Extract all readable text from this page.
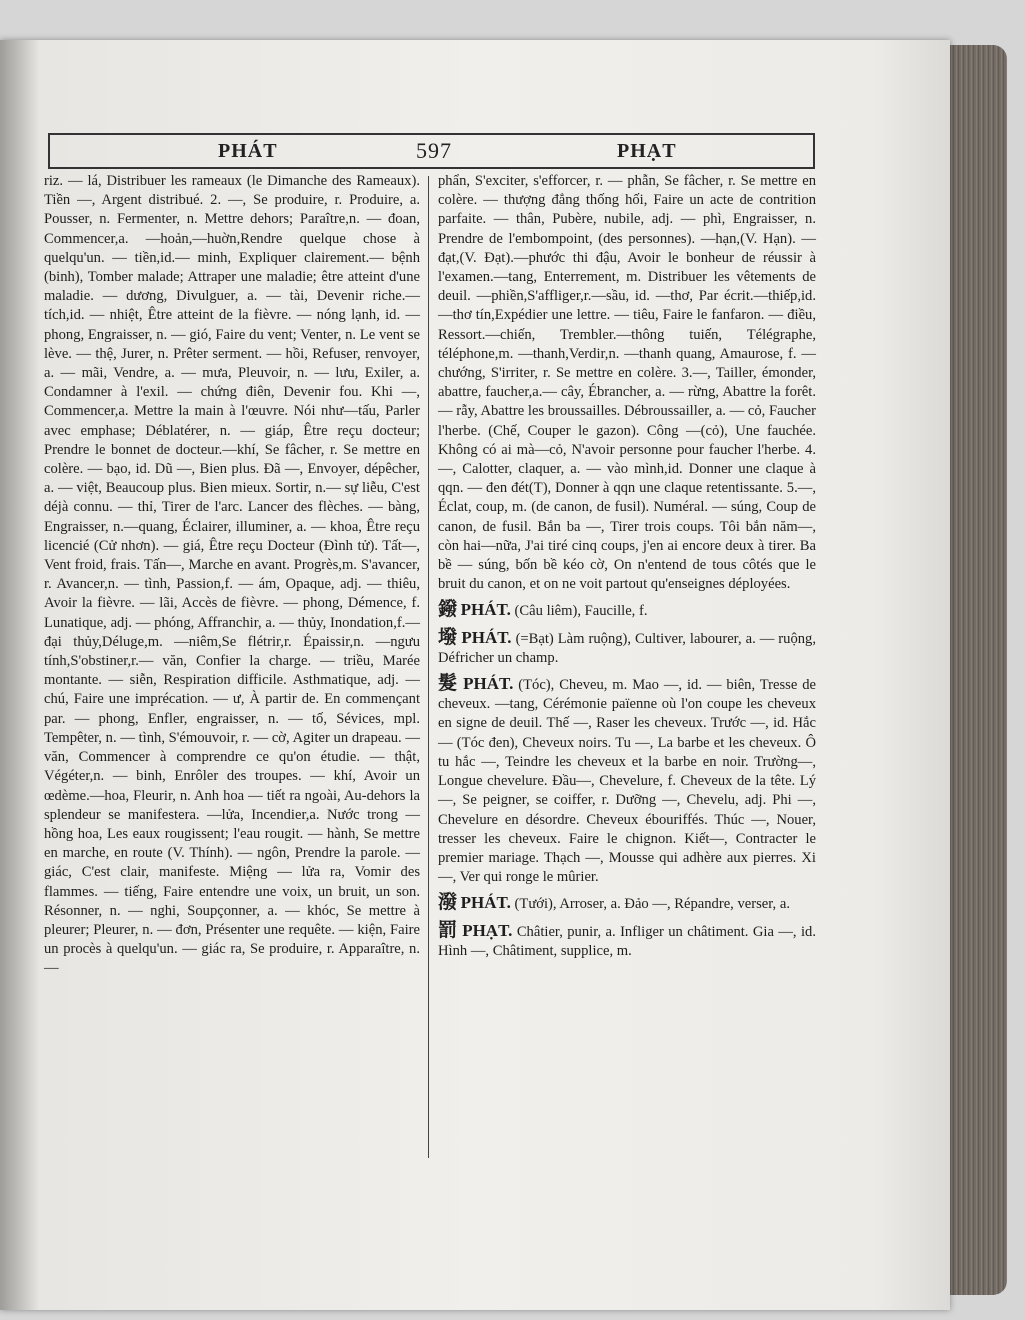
PHÁT	597	PHẠT

riz. — lá, Distribuer les rameaux (le Dimanche des Rameaux). Tiền —, Argent distribué. 2. —, Se produire, r. Produire, a. Pousser, n. Fermenter, n. Mettre dehors; Paraître,n. — đoan, Commencer,a. —hoản,—huờn,Rendre quelque chose à quelqu'un. — tiền,id.— minh, Expliquer clairement.— bệnh (binh), Tomber malade; Attraper une maladie; être atteint d'une maladie. — dương, Divulguer, a. — tài, Devenir riche.— tích,id. — nhiệt, Être atteint de la fièvre. — nóng lạnh, id. — phong, Engraisser, n. — gió, Faire du vent; Venter, n. Le vent se lève. — thệ, Jurer, n. Prêter serment. — hồi, Refuser, renvoyer, a. — mãi, Vendre, a. — mưa, Pleuvoir, n. — lưu, Exiler, a. Condamner à l'exil. — chứng điên, Devenir fou. Khi —, Commencer,a. Mettre la main à l'œuvre. Nói như—tấu, Parler avec emphase; Déblatérer, n. — giáp, Être reçu docteur; Prendre le bonnet de docteur.—khí, Se fâcher, r. Se mettre en colère. — bạo, id. Dũ —, Bien plus. Đã —, Envoyer, dépêcher, a. — việt, Beaucoup plus. Bien mieux. Sortir, n.— sự liễu, C'est déjà connu. — thỉ, Tirer de l'arc. Lancer des flèches. — bàng, Engraisser, n.—quang, Éclairer, illuminer, a. — khoa, Être reçu licencié (Cử nhơn). — giá, Être reçu Docteur (Đình tử). Tất—, Vent froid, frais. Tấn—, Marche en avant. Progrès,m. S'avancer, r. Avancer,n. — tình, Passion,f. — ám, Opaque, adj. — thiêu, Avoir la fièvre. — lãi, Accès de fièvre. — phong, Démence, f. Lunatique, adj. — phóng, Affranchir, a. — thủy, Inondation,f.—đại thủy,Déluge,m. —niêm,Se flétrir,r. Épaissir,n. —ngưu tính,S'obstiner,r.— văn, Confier la charge. — triều, Marée montante. — siễn, Respiration difficile. Asthmatique, adj. — chú, Faire une imprécation. — ư, À partir de. En commençant par. — phong, Enfler, engraisser, n. — tố, Sévices, mpl. Tempêter, n. — tình, S'émouvoir, r. — cờ, Agiter un drapeau. — văn, Commencer à comprendre ce qu'on étudie. — thật, Végéter,n. — binh, Enrôler des troupes. — khí, Avoir un œdème.—hoa, Fleurir, n. Anh hoa — tiết ra ngoài, Au-dehors la splendeur se manifestera. —lửa, Incendier,a. Nước trong — hồng hoa, Les eaux rougissent; l'eau rougit. — hành, Se mettre en marche, en route (V. Thính). — ngôn, Prendre la parole. — giác, C'est clair, manifeste. Miệng — lửa ra, Vomir des flammes. — tiếng, Faire entendre une voix, un bruit, un son. Résonner, n. — nghi, Soupçonner, a. — khóc, Se mettre à pleurer; Pleurer, n. — đơn, Présenter une requête. — kiện, Faire un procès à quelqu'un. — giác ra, Se produire, r. Apparaître, n. —

phẩn, S'exciter, s'efforcer, r. — phẫn, Se fâcher, r. Se mettre en colère. — thượng đẳng thống hối, Faire un acte de contrition parfaite. — thân, Pubère, nubile, adj. — phì, Engraisser, n. Prendre de l'embompoint, (des personnes). —hạn,(V. Hạn). — đạt,(V. Đạt).—phước thi đậu, Avoir le bonheur de réussir à l'examen.—tang, Enterrement, m. Distribuer les vêtements de deuil. —phiền,S'affliger,r.—sầu, id. —thơ, Par écrit.—thiếp,id. —thơ tín,Expédier une lettre. — tiêu, Faire le fanfaron. — điều, Ressort.—chiến, Trembler.—thông tuiến, Télégraphe, téléphone,m. —thanh,Verdir,n. —thanh quang, Amaurose, f. —chướng, S'irriter, r. Se mettre en colère. 3.—, Tailler, émonder, abattre, faucher,a.— cây, Ébrancher, a. — rừng, Abattre la forêt. — rẫy, Abattre les broussailles. Débroussailler, a. — cỏ, Faucher l'herbe. (Chế, Couper le gazon). Công —(cỏ), Une fauchée. Không có ai mà—cỏ, N'avoir personne pour faucher l'herbe. 4.—, Calotter, claquer, a. — vào mình,id. Donner une claque à qqn. — đen đét(T), Donner à qqn une claque retentissante. 5.—, Éclat, coup, m. (de canon, de fusil). Numéral. — súng, Coup de canon, de fusil. Bắn ba —, Tirer trois coups. Tôi bắn năm—, còn hai—nữa, J'ai tiré cinq coups, j'en ai encore deux à tirer. Ba bề — súng, bốn bề kéo cờ, On n'entend de tous côtés que le bruit du canon, et on ne voit partout qu'enseignes déployées.

鏺 PHÁT. (Câu liêm), Faucille, f.

墢 PHÁT. (=Bạt) Làm ruộng), Cultiver, labourer, a. — ruộng, Défricher un champ.

髮 PHÁT. (Tóc), Cheveu, m. Mao —, id. — biên, Tresse de cheveux. —tang, Cérémonie païenne où l'on coupe les cheveux en signe de deuil. Thế —, Raser les cheveux. Trước —, id. Hắc— (Tóc đen), Cheveux noirs. Tu —, La barbe et les cheveux. Ô tu hắc —, Teindre les cheveux et la barbe en noir. Trường—, Longue chevelure. Đầu—, Chevelure, f. Cheveux de la tête. Lý —, Se peigner, se coiffer, r. Dưỡng —, Chevelu, adj. Phi —, Chevelure en désordre. Cheveux ébouriffés. Thúc —, Nouer, tresser les cheveux. Faire le chignon. Kiết—, Contracter le premier mariage. Thạch —, Mousse qui adhère aux pierres. Xi —, Ver qui ronge le mûrier.

潑 PHÁT. (Tưới), Arroser, a. Đảo —, Répandre, verser, a.

罰 PHẠT. Châtier, punir, a. Infliger un châtiment. Gia —, id. Hình —, Châtiment, supplice, m.
